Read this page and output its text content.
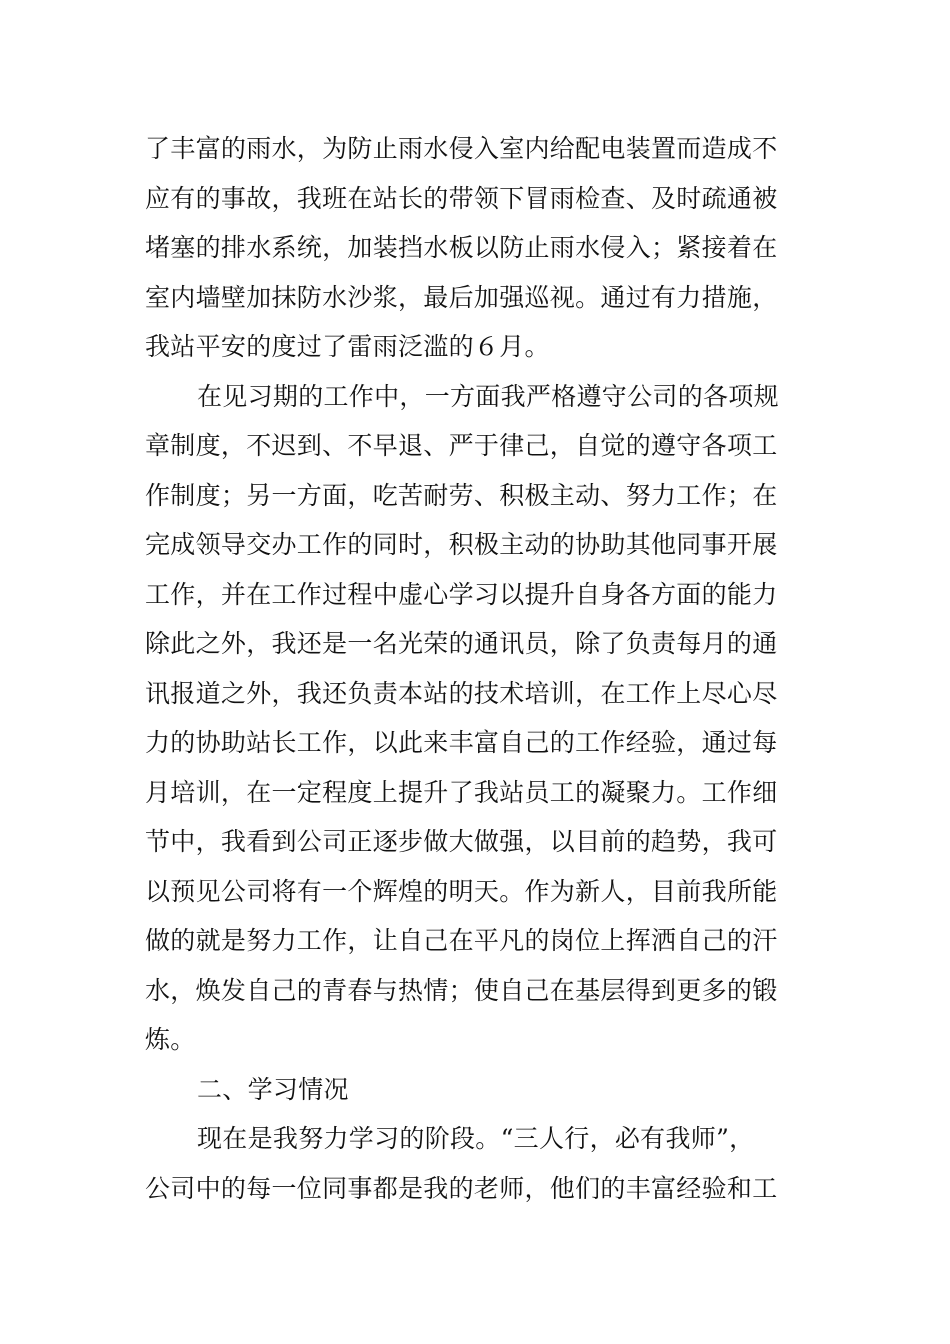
了丰富的雨水，为防止雨水侵入室内给配电装置而造成不
应有的事故，我班在站长的带领下冒雨检查、及时疏通被
堵塞的排水系统，加装挡水板以防止雨水侵入；紧接着在
室内墙壁加抹防水沙浆，最后加强巡视。通过有力措施，
我站平安的度过了雷雨泛滥的６月。
在见习期的工作中，一方面我严格遵守公司的各项规
章制度，不迟到、不早退、严于律己，自觉的遵守各项工
作制度；另一方面，吃苦耐劳、积极主动、努力工作；在
完成领导交办工作的同时，积极主动的协助其他同事开展
工作，并在工作过程中虚心学习以提升自身各方面的能力
除此之外，我还是一名光荣的通讯员，除了负责每月的通
讯报道之外，我还负责本站的技术培训，在工作上尽心尽
力的协助站长工作，以此来丰富自己的工作经验，通过每
月培训，在一定程度上提升了我站员工的凝聚力。工作细
节中，我看到公司正逐步做大做强，以目前的趋势，我可
以预见公司将有一个辉煌的明天。作为新人，目前我所能
做的就是努力工作，让自己在平凡的岗位上挥洒自己的汗
水，焕发自己的青春与热情；使自己在基层得到更多的锻
炼。
二、学习情况
现在是我努力学习的阶段。“三人行，必有我师”，
公司中的每一位同事都是我的老师，他们的丰富经验和工
